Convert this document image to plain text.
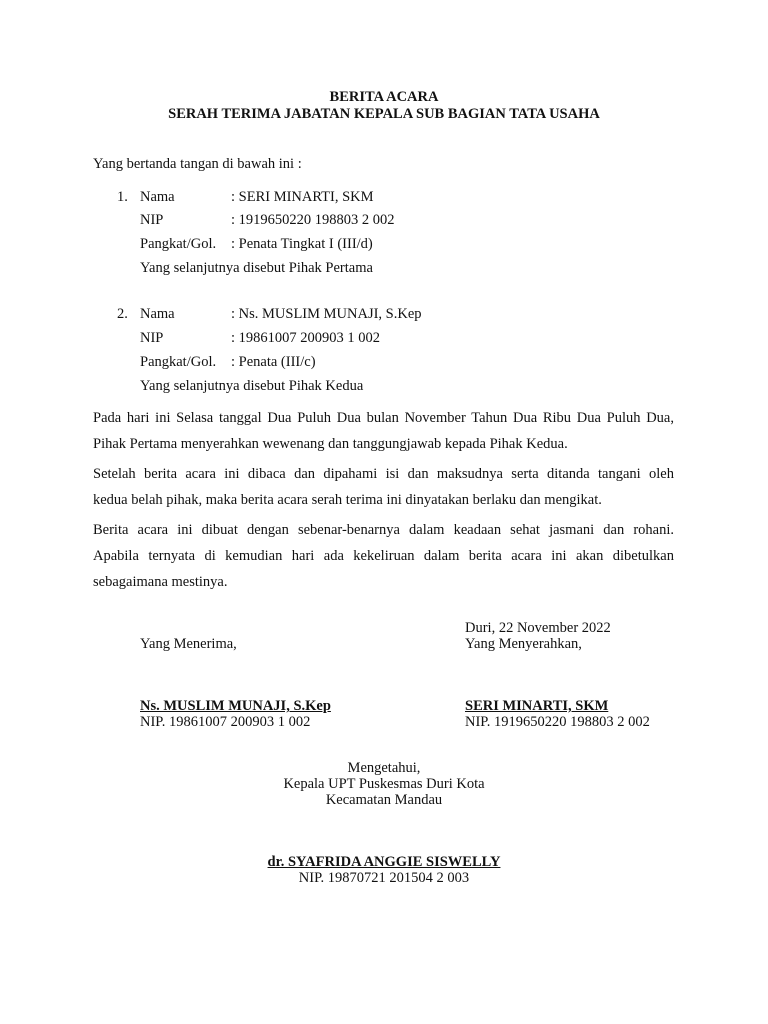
BERITA ACARA
SERAH TERIMA JABATAN KEPALA SUB BAGIAN TATA USAHA
Yang bertanda tangan di bawah ini :
1. Nama	: SERI MINARTI, SKM
NIP	: 1919650220 198803 2 002
Pangkat/Gol. : Penata Tingkat I (III/d)
Yang selanjutnya disebut Pihak Pertama
2. Nama	: Ns. MUSLIM MUNAJI, S.Kep
NIP	: 19861007 200903 1 002
Pangkat/Gol. : Penata (III/c)
Yang selanjutnya disebut Pihak Kedua
Pada hari ini Selasa tanggal Dua Puluh Dua bulan November Tahun Dua Ribu Dua Puluh Dua,
Pihak Pertama menyerahkan wewenang dan tanggungjawab kepada Pihak Kedua.
Setelah berita acara ini dibaca dan dipahami isi dan maksudnya serta ditanda tangani oleh
kedua belah pihak, maka berita acara serah terima ini dinyatakan berlaku dan mengikat.
Berita acara ini dibuat dengan sebenar-benarnya dalam keadaan sehat jasmani dan rohani.
Apabila ternyata di kemudian hari ada kekeliruan dalam berita acara ini akan dibetulkan
sebagaimana mestinya.
Duri, 22 November 2022
Yang Menerima,	Yang Menyerahkan,
Ns. MUSLIM MUNAJI, S.Kep
NIP. 19861007 200903 1 002
SERI MINARTI, SKM
NIP. 1919650220 198803 2 002
Mengetahui,
Kepala UPT Puskesmas Duri Kota
Kecamatan Mandau
dr. SYAFRIDA ANGGIE SISWELLY
NIP. 19870721 201504 2 003
